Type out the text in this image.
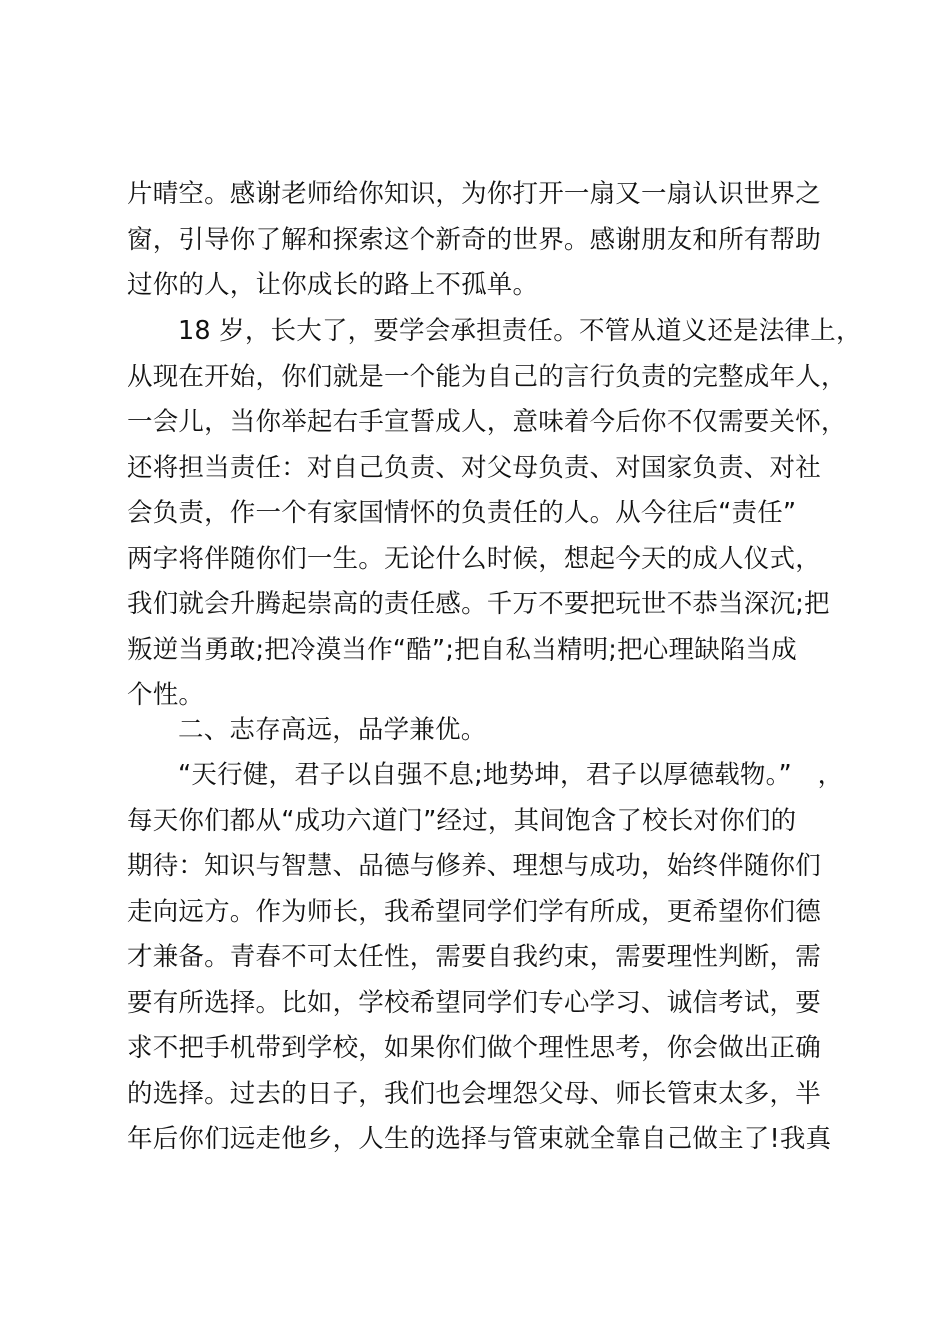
片晴空。感谢老师给你知识，为你打开一扇又一扇认识世界之
窗，引导你了解和探索这个新奇的世界。感谢朋友和所有帮助
过你的人，让你成长的路上不孤单。
18 岁，长大了，要学会承担责任。不管从道义还是法律上，
从现在开始，你们就是一个能为自己的言行负责的完整成年人，
一会儿，当你举起右手宣誓成人，意味着今后你不仅需要关怀，
还将担当责任：对自己负责、对父母负责、对国家负责、对社
会负责，作一个有家国情怀的负责任的人。从今往后“责任”
两字将伴随你们一生。无论什么时候，想起今天的成人仪式，
我们就会升腾起崇高的责任感。千万不要把玩世不恭当深沉;把
叛逆当勇敢;把冷漠当作“酷”;把自私当精明;把心理缺陷当成
个性。
二、志存高远，品学兼优。
“天行健，君子以自强不息;地势坤，君子以厚德载物。”　，
每天你们都从“成功六道门”经过，其间饱含了校长对你们的
期待：知识与智慧、品德与修养、理想与成功，始终伴随你们
走向远方。作为师长，我希望同学们学有所成，更希望你们德
才兼备。青春不可太任性，需要自我约束，需要理性判断，需
要有所选择。比如，学校希望同学们专心学习、诚信考试，要
求不把手机带到学校，如果你们做个理性思考，你会做出正确
的选择。过去的日子，我们也会埋怨父母、师长管束太多，半
年后你们远走他乡，人生的选择与管束就全靠自己做主了!我真
